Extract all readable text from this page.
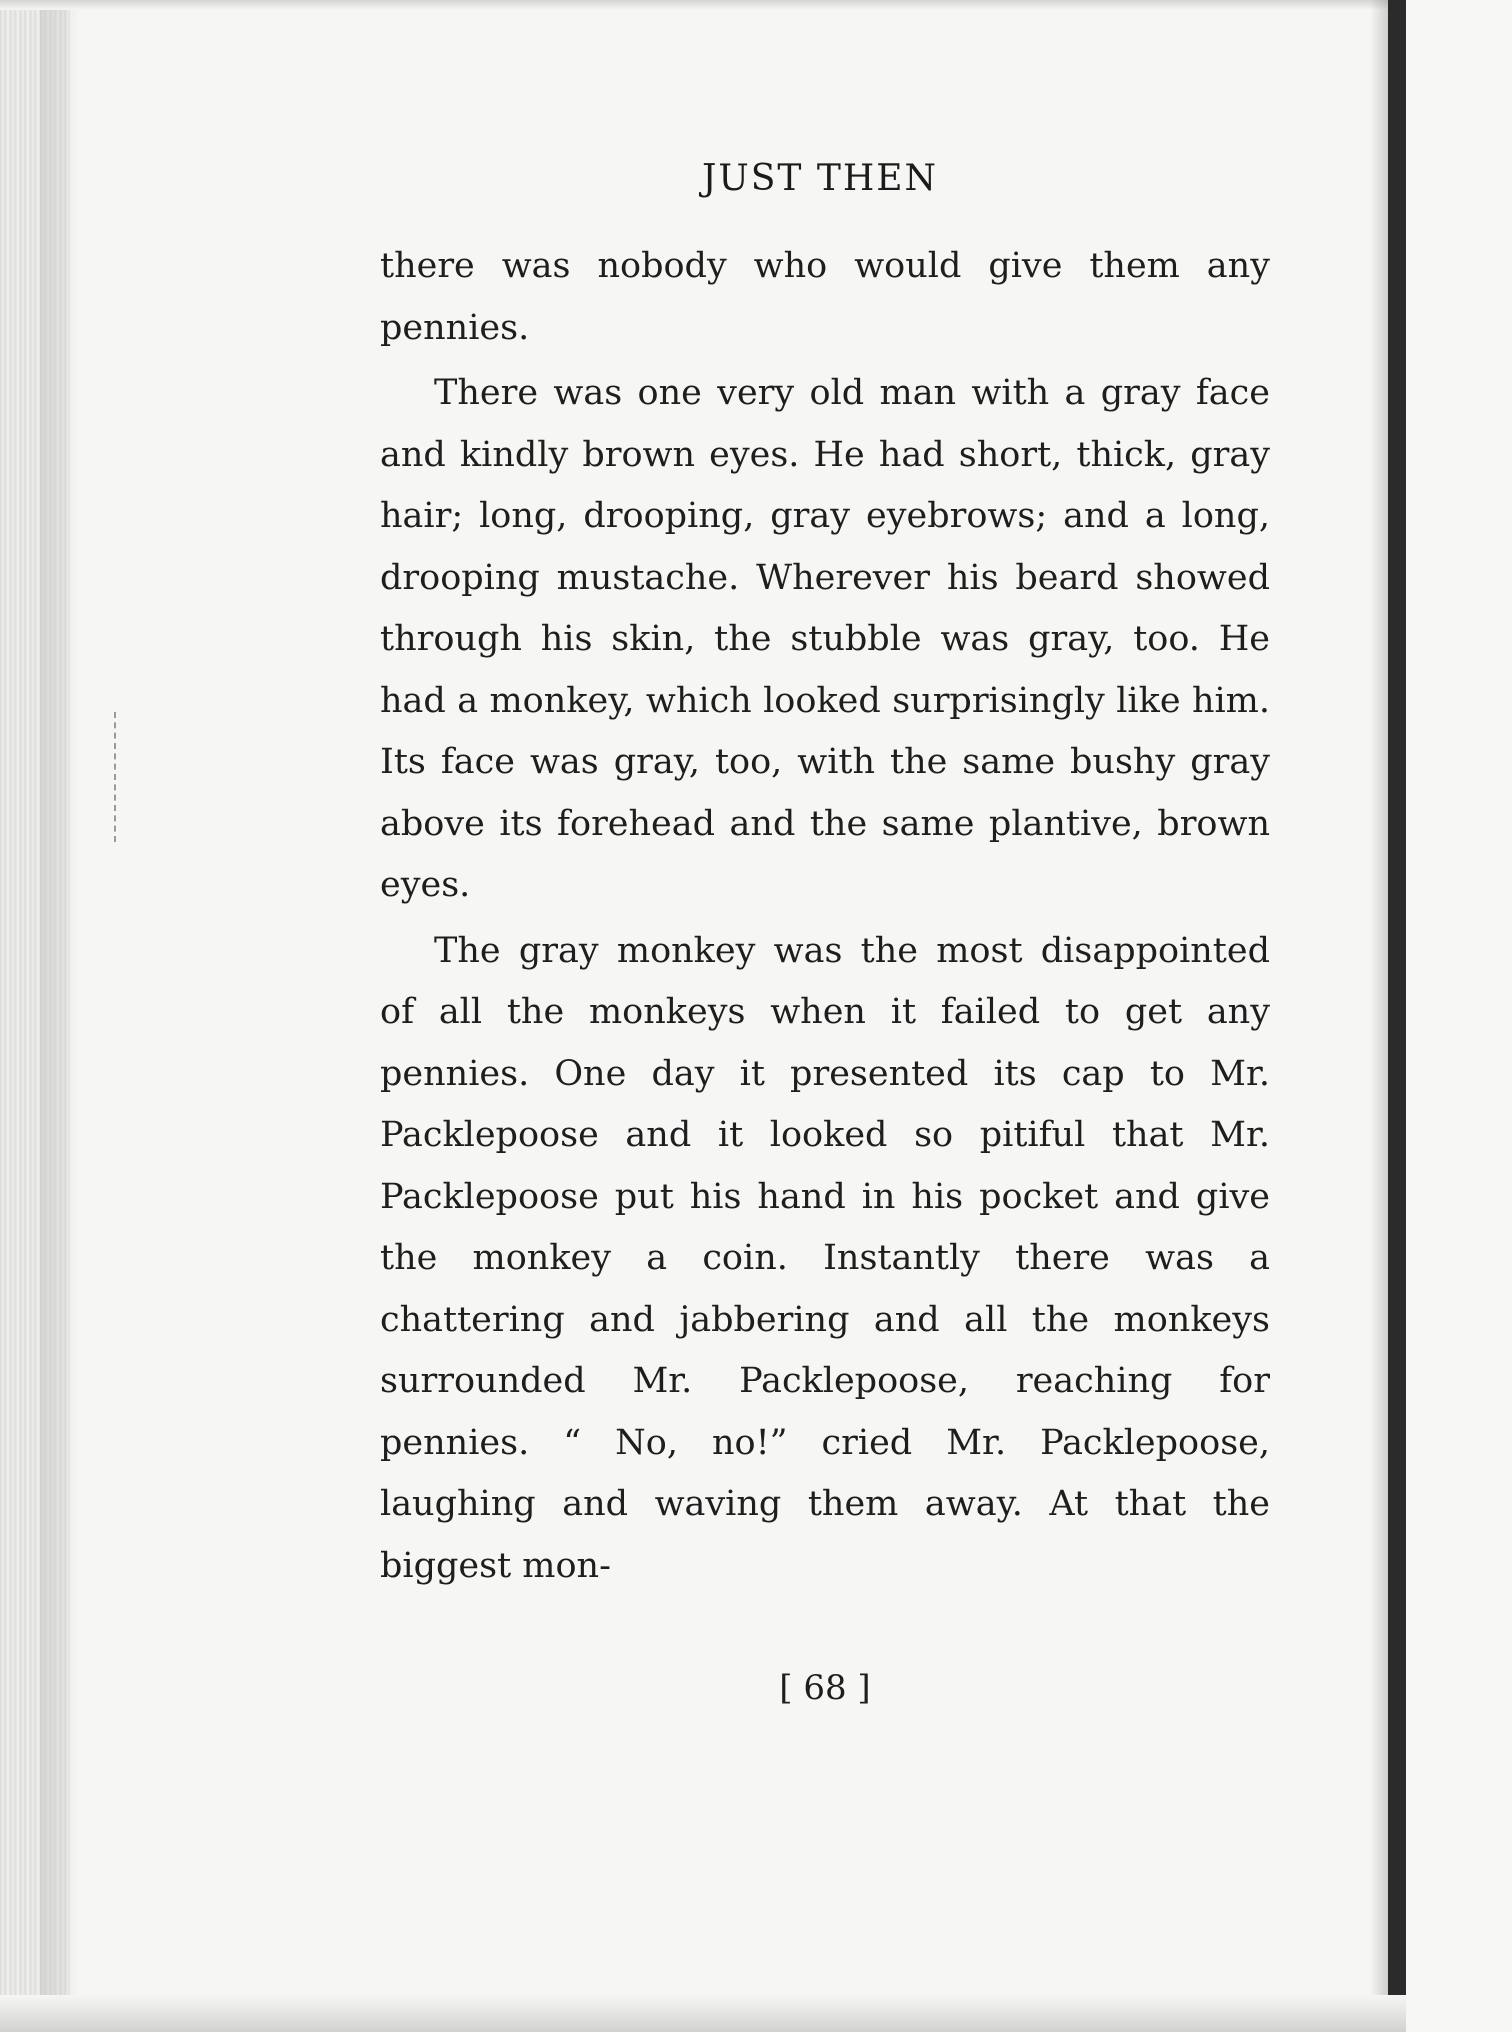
JUST THEN

there was nobody who would give them any pennies.

There was one very old man with a gray face and kindly brown eyes. He had short, thick, gray hair; long, drooping, gray eyebrows; and a long, drooping mustache. Wherever his beard showed through his skin, the stubble was gray, too. He had a monkey, which looked surprisingly like him. Its face was gray, too, with the same bushy gray above its forehead and the same plantive, brown eyes.

The gray monkey was the most disappointed of all the monkeys when it failed to get any pennies. One day it presented its cap to Mr. Packlepoose and it looked so pitiful that Mr. Packlepoose put his hand in his pocket and give the monkey a coin. Instantly there was a chattering and jabbering and all the monkeys surrounded Mr. Packlepoose, reaching for pennies. “ No, no!” cried Mr. Packlepoose, laughing and waving them away. At that the biggest mon-

[ 68 ]
